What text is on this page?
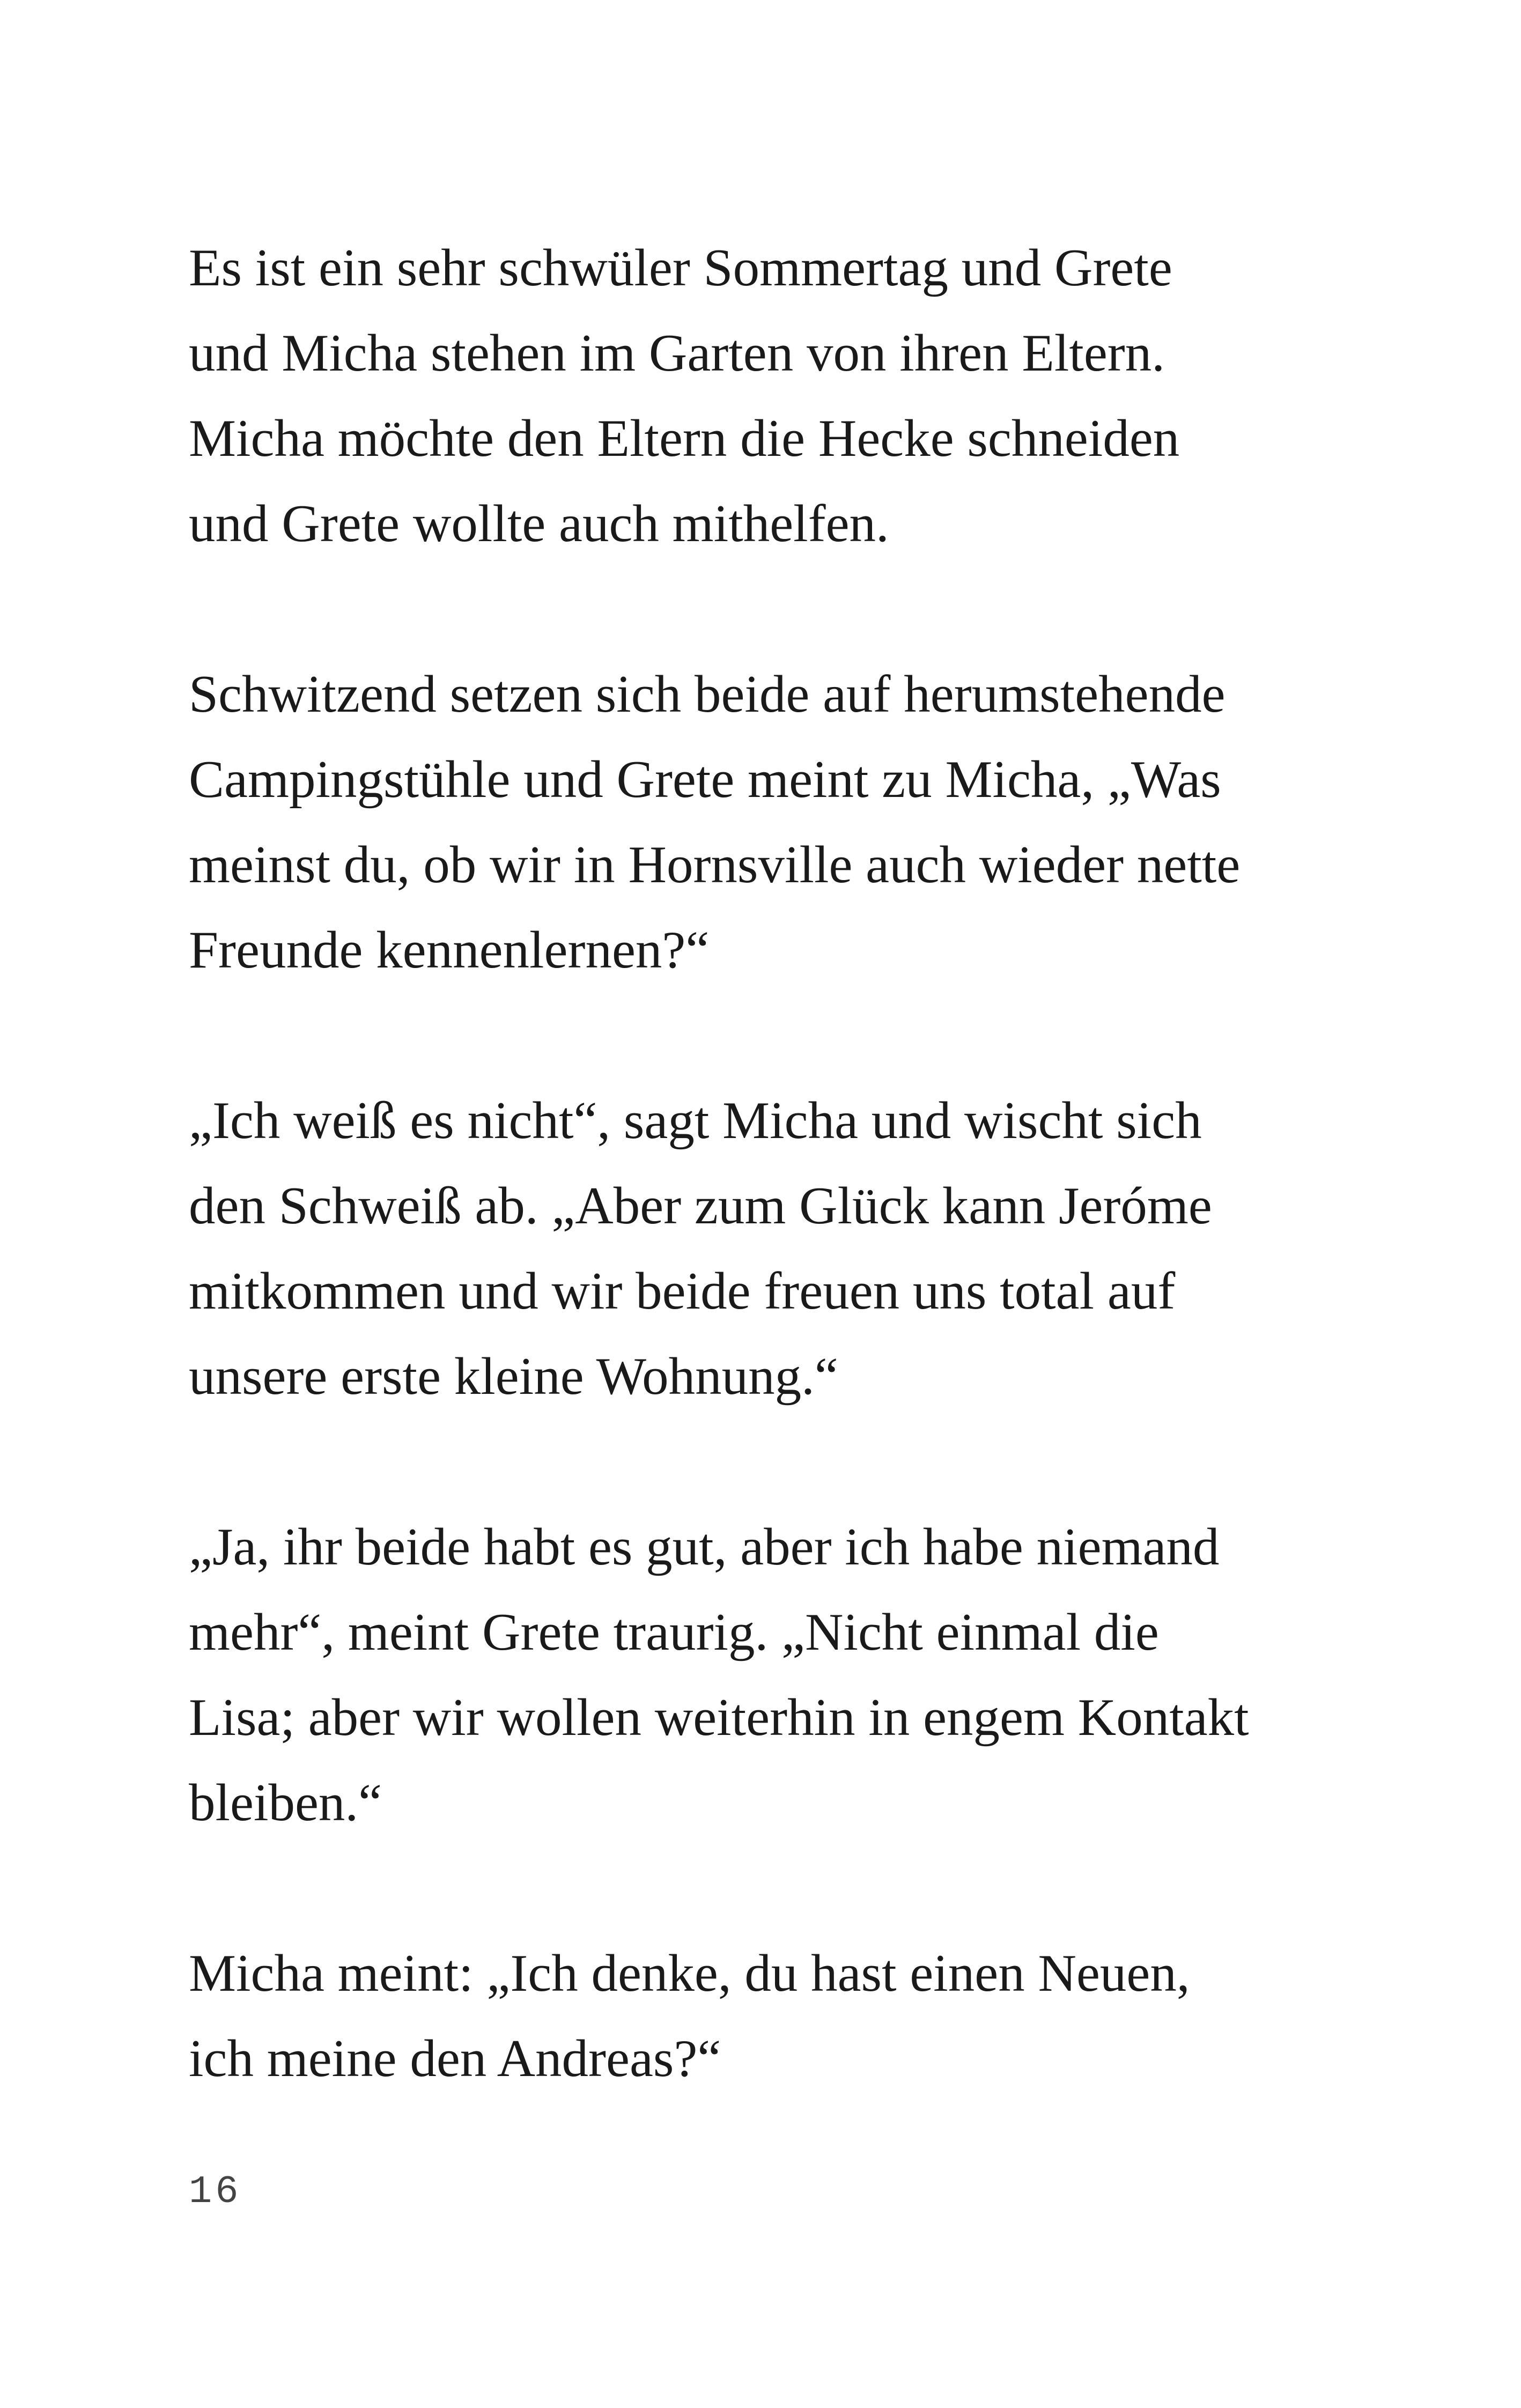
Es ist ein sehr schwüler Sommertag und Grete
und Micha stehen im Garten von ihren Eltern.
Micha möchte den Eltern die Hecke schneiden
und Grete wollte auch mithelfen.

Schwitzend setzen sich beide auf herumstehende
Campingstühle und Grete meint zu Micha, „Was
meinst du, ob wir in Hornsville auch wieder nette
Freunde kennenlernen?“

„Ich weiß es nicht“, sagt Micha und wischt sich
den Schweiß ab. „Aber zum Glück kann Jeróme
mitkommen und wir beide freuen uns total auf
unsere erste kleine Wohnung.“

„Ja, ihr beide habt es gut, aber ich habe niemand
mehr“, meint Grete traurig. „Nicht einmal die
Lisa; aber wir wollen weiterhin in engem Kontakt
bleiben.“

Micha meint: „Ich denke, du hast einen Neuen,
ich meine den Andreas?“

16
